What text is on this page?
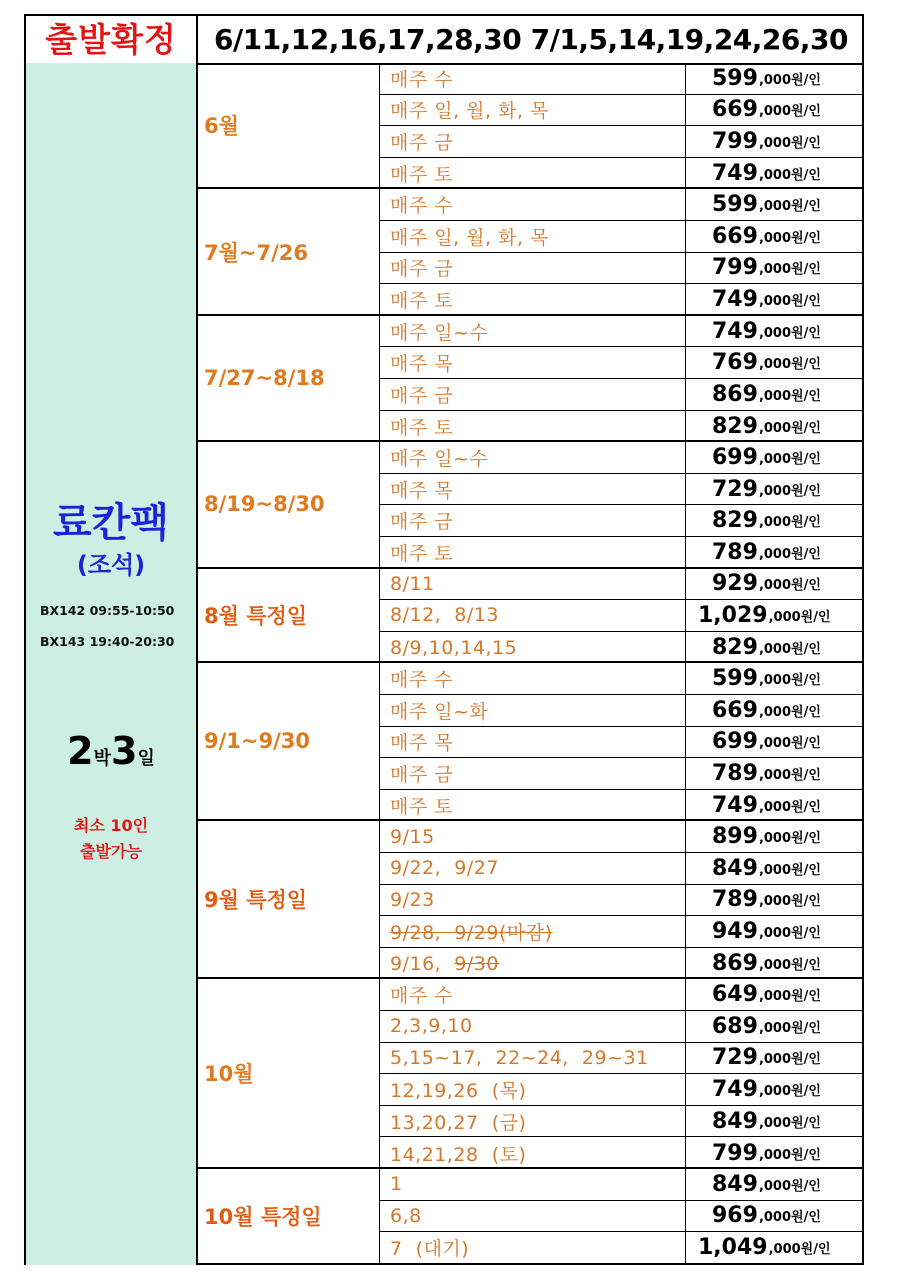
출발확정	6/11,12,16,17,28,30 7/1,5,14,19,24,26,30
료칸팩
(조석)
BX142 09:55-10:50
BX143 19:40-20:30
2박3일
최소 10인
출발가능
6월
매주 수	599 ,000원/인
매주 일, 월, 화, 목	669 ,000원/인
매주 금	799 ,000원/인
매주 토	749 ,000원/인
7월~7/26
매주 수	599 ,000원/인
매주 일, 월, 화, 목	669 ,000원/인
매주 금	799 ,000원/인
매주 토	749 ,000원/인
7/27~8/18
매주 일~수	749 ,000원/인
매주 목	769 ,000원/인
매주 금	869 ,000원/인
매주 토	829 ,000원/인
8/19~8/30
매주 일~수	699 ,000원/인
매주 목	729 ,000원/인
매주 금	829 ,000원/인
매주 토	789 ,000원/인
8월 특정일
8/11	929 ,000원/인
8/12,  8/13	1,029 ,000원/인
8/9,10,14,15	829 ,000원/인
9/1~9/30
매주 수	599 ,000원/인
매주 일~화	669 ,000원/인
매주 목	699 ,000원/인
매주 금	789 ,000원/인
매주 토	749 ,000원/인
9월 특정일
9/15	899 ,000원/인
9/22,  9/27	849 ,000원/인
9/23	789 ,000원/인
9/28,  9/29(마감)	949 ,000원/인
9/16, 9/30	869 ,000원/인
10월
매주 수	649 ,000원/인
2,3,9,10	689 ,000원/인
5,15~17,  22~24,  29~31	729 ,000원/인
12,19,26  (목)	749 ,000원/인
13,20,27  (금)	849 ,000원/인
14,21,28  (토)	799 ,000원/인
10월 특정일
1	849 ,000원/인
6,8	969 ,000원/인
7  (대기)	1,049 ,000원/인
